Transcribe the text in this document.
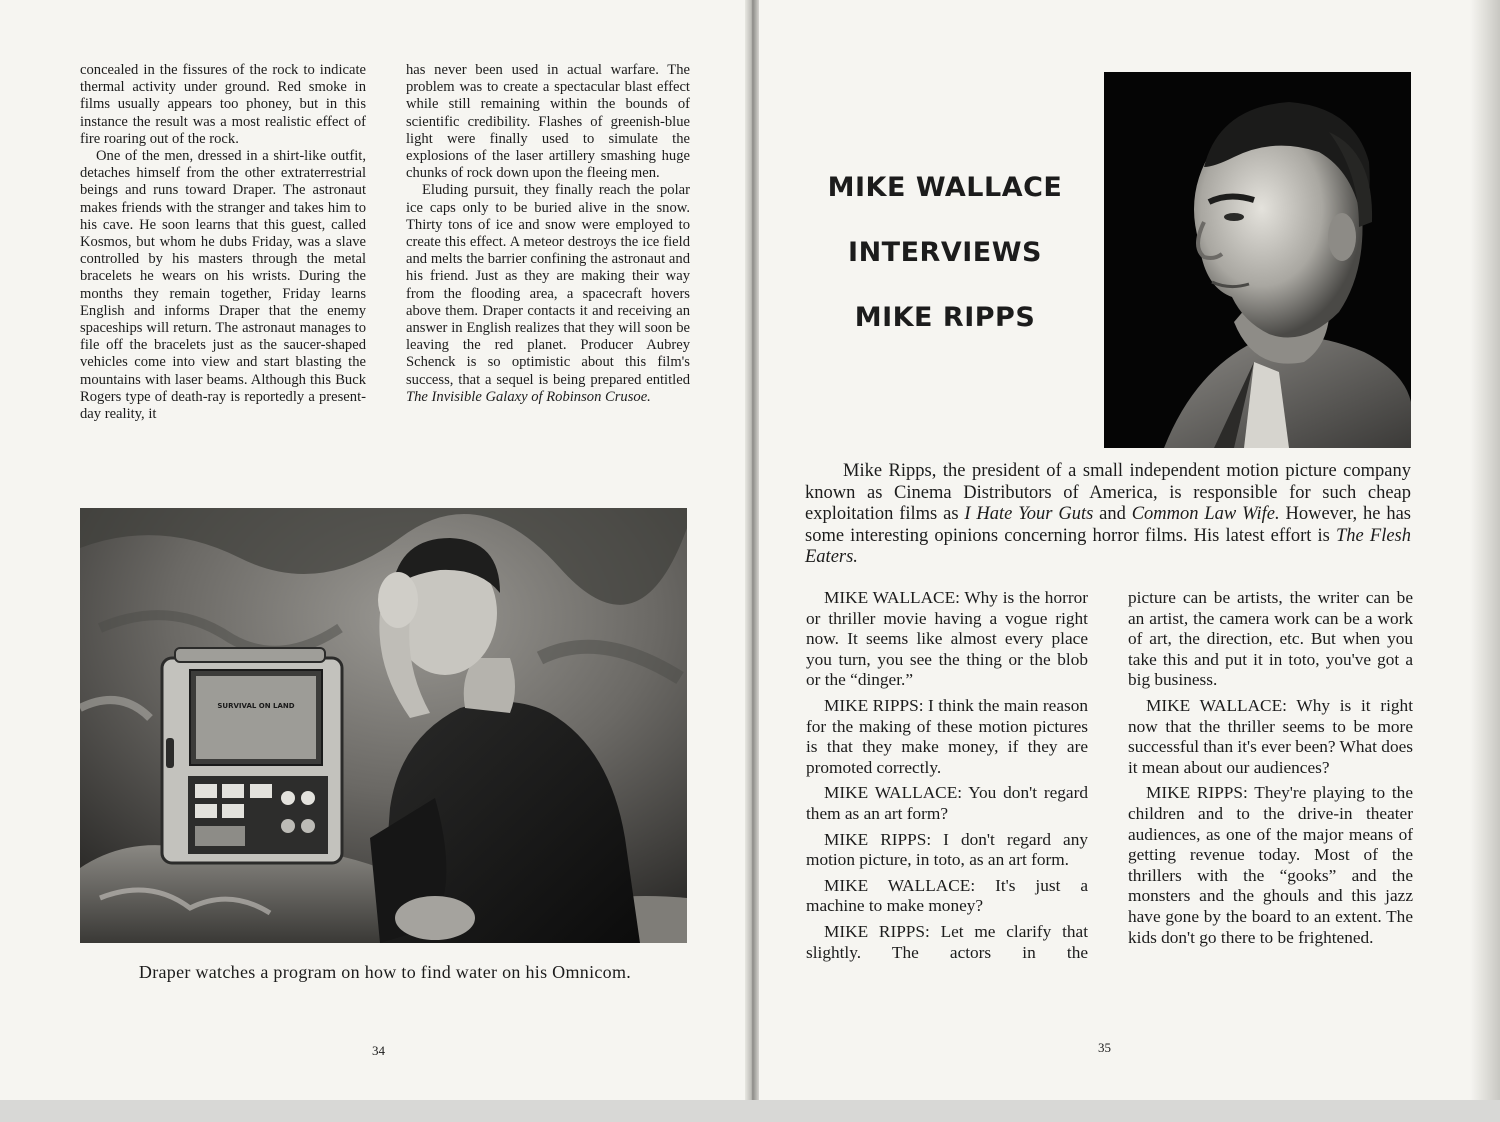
concealed in the fissures of the rock to indicate thermal activity under ground. Red smoke in films usually appears too phoney, but in this instance the result was a most realistic effect of fire roaring out of the rock.

One of the men, dressed in a shirt-like outfit, detaches himself from the other extraterrestrial beings and runs toward Draper. The astronaut makes friends with the stranger and takes him to his cave. He soon learns that this guest, called Kosmos, but whom he dubs Friday, was a slave controlled by his masters through the metal bracelets he wears on his wrists. During the months they remain together, Friday learns English and informs Draper that the enemy spaceships will return. The astronaut manages to file off the bracelets just as the saucer-shaped vehicles come into view and start blasting the mountains with laser beams. Although this Buck Rogers type of death-ray is reportedly a present-day reality, it

has never been used in actual warfare. The problem was to create a spectacular blast effect while still remaining within the bounds of scientific credibility. Flashes of greenish-blue light were finally used to simulate the explosions of the laser artillery smashing huge chunks of rock down upon the fleeing men.

Eluding pursuit, they finally reach the polar ice caps only to be buried alive in the snow. Thirty tons of ice and snow were employed to create this effect. A meteor destroys the ice field and melts the barrier confining the astronaut and his friend. Just as they are making their way from the flooding area, a spacecraft hovers above them. Draper contacts it and receiving an answer in English realizes that they will soon be leaving the red planet. Producer Aubrey Schenck is so optimistic about this film's success, that a sequel is being prepared entitled The Invisible Galaxy of Robinson Crusoe.

SURVIVAL ON LAND
Draper watches a program on how to find water on his Omnicom.
34
MIKE WALLACE
INTERVIEWS
MIKE RIPPS
Mike Ripps, the president of a small independent motion picture company known as Cinema Distributors of America, is responsible for such cheap exploitation films as I Hate Your Guts and Common Law Wife. However, he has some interesting opinions concerning horror films. His latest effort is The Flesh Eaters.

MIKE WALLACE: Why is the horror or thriller movie having a vogue right now. It seems like almost every place you turn, you see the thing or the blob or the “dinger.”

MIKE RIPPS: I think the main reason for the making of these motion pictures is that they make money, if they are promoted correctly.

MIKE WALLACE: You don't regard them as an art form?

MIKE RIPPS: I don't regard any motion picture, in toto, as an art form.

MIKE WALLACE: It's just a machine to make money?

MIKE RIPPS: Let me clarify that slightly. The actors in the

picture can be artists, the writer can be an artist, the camera work can be a work of art, the direction, etc. But when you take this and put it in toto, you've got a big business.

MIKE WALLACE: Why is it right now that the thriller seems to be more successful than it's ever been? What does it mean about our audiences?

MIKE RIPPS: They're playing to the children and to the drive-in theater audiences, as one of the major means of getting revenue today. Most of the thrillers with the “gooks” and the monsters and the ghouls and this jazz have gone by the board to an extent. The kids don't go there to be frightened.

35
